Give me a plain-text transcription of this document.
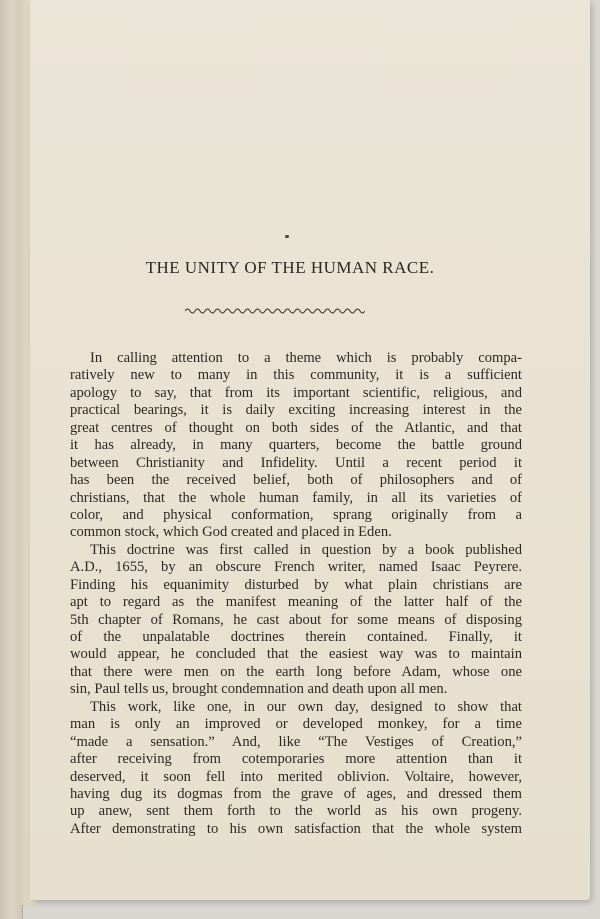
THE UNITY OF THE HUMAN RACE.
In calling attention to a theme which is probably compa-
ratively new to many in this community, it is a sufficient
apology to say, that from its important scientific, religious, and
practical bearings, it is daily exciting increasing interest in the
great centres of thought on both sides of the Atlantic, and that
it has already, in many quarters, become the battle ground
between Christianity and Infidelity. Until a recent period it
has been the received belief, both of philosophers and of
christians, that the whole human family, in all its varieties of
color, and physical conformation, sprang originally from a
common stock, which God created and placed in Eden.
This doctrine was first called in question by a book published
A.D., 1655, by an obscure French writer, named Isaac Peyrere.
Finding his equanimity disturbed by what plain christians are
apt to regard as the manifest meaning of the latter half of the
5th chapter of Romans, he cast about for some means of disposing
of the unpalatable doctrines therein contained. Finally, it
would appear, he concluded that the easiest way was to maintain
that there were men on the earth long before Adam, whose one
sin, Paul tells us, brought condemnation and death upon all men.
This work, like one, in our own day, designed to show that
man is only an improved or developed monkey, for a time
“made a sensation.” And, like “The Vestiges of Creation,”
after receiving from cotemporaries more attention than it
deserved, it soon fell into merited oblivion. Voltaire, however,
having dug its dogmas from the grave of ages, and dressed them
up anew, sent them forth to the world as his own progeny.
After demonstrating to his own satisfaction that the whole system
